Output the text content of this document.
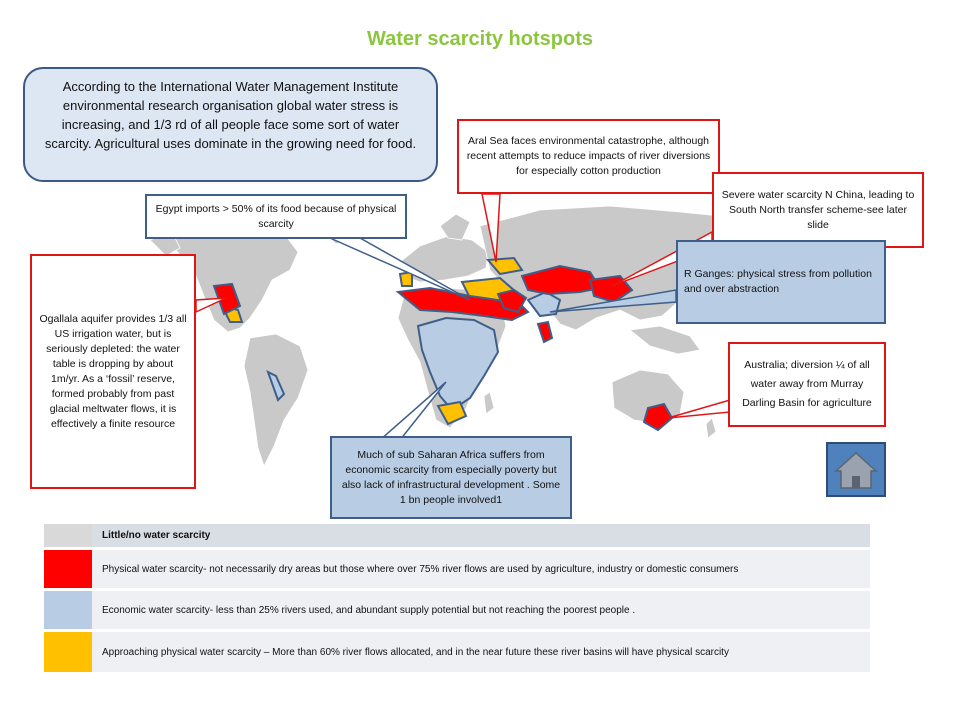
Water scarcity hotspots
According to the International Water Management Institute environmental research organisation global water stress is increasing, and 1/3 rd of all people face some sort of water scarcity. Agricultural uses dominate in the growing need for food.
Egypt imports > 50% of its food because of physical scarcity
Aral Sea faces environmental catastrophe, although recent attempts to reduce impacts of river diversions for especially cotton production
Severe water scarcity N China, leading to South North transfer scheme-see later slide
R Ganges: physical stress from pollution and over abstraction
Ogallala aquifer provides 1/3 all US irrigation water, but is seriously depleted: the water table is dropping by about 1m/yr. As a ‘fossil’ reserve, formed probably from past glacial meltwater flows, it is effectively a finite resource
Australia; diversion ¼ of all water away from Murray Darling Basin for agriculture
Much of sub Saharan Africa suffers from economic scarcity from especially poverty but also lack of infrastructural development . Some 1 bn people involved1
Little/no water scarcity
Physical water scarcity- not necessarily dry areas but those where over 75% river flows are used by agriculture, industry or domestic consumers
Economic water scarcity- less than 25% rivers used, and abundant supply potential but not reaching the poorest people .
Approaching physical water scarcity – More than 60% river flows allocated, and in the near future these river basins will have physical scarcity
